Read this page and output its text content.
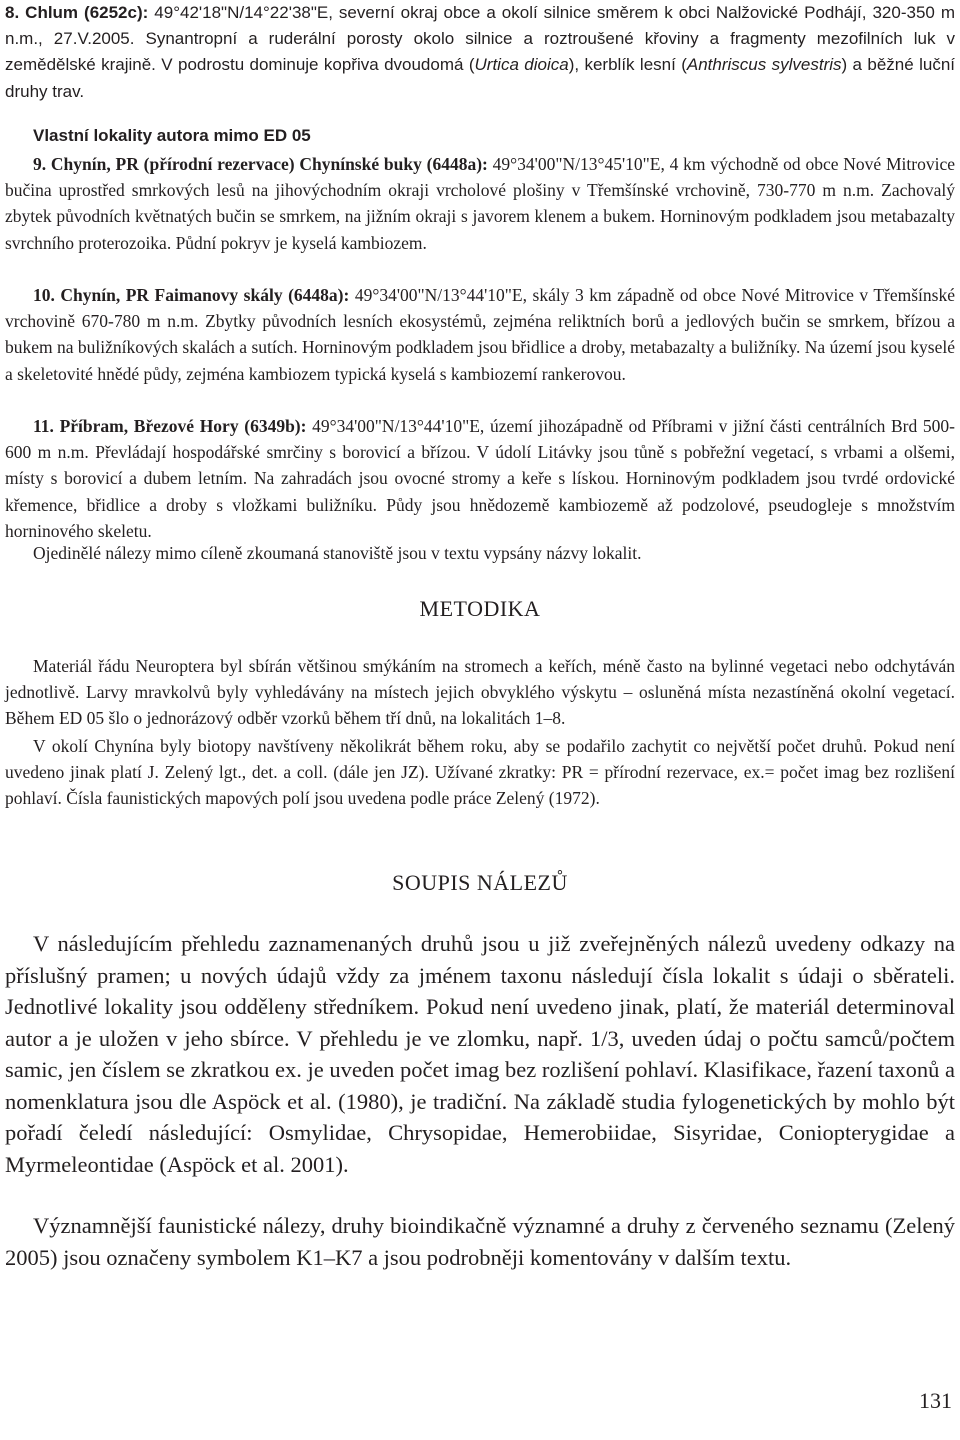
8. Chlum (6252c): 49°42'18"N/14°22'38"E, severní okraj obce a okolí silnice směrem k obci Nalžovické Podhájí, 320-350 m n.m., 27.V.2005. Synantropní a ruderální porosty okolo silnice a roztroušené křoviny a fragmenty mezofilních luk v zemědělské krajině. V podrostu dominuje kopřiva dvoudomá (Urtica dioica), kerblík lesní (Anthriscus sylvestris) a běžné luční druhy trav.

Vlastní lokality autora mimo ED 05

9. Chynín, PR (přírodní rezervace) Chynínské buky (6448a): 49°34'00"N/13°45'10"E, 4 km východně od obce Nové Mitrovice bučina uprostřed smrkových lesů na jihovýchodním okraji vrcholové plošiny v Třemšínské vrchovině, 730-770 m n.m. Zachovalý zbytek původních květnatých bučin se smrkem, na jižním okraji s javorem klenem a bukem. Horninovým podkladem jsou metabazalty svrchního proterozoika. Půdní pokryv je kyselá kambiozem.

10. Chynín, PR Faimanovy skály (6448a): 49°34'00"N/13°44'10"E, skály 3 km západně od obce Nové Mitrovice v Třemšínské vrchovině 670-780 m n.m. Zbytky původních lesních ekosystémů, zejména reliktních borů a jedlových bučin se smrkem, břízou a bukem na buližníkových skalách a sutích. Horninovým podkladem jsou břidlice a droby, metabazalty a buližníky. Na území jsou kyselé a skeletovité hnědé půdy, zejména kambiozem typická kyselá s kambiozemí rankerovou.

11. Příbram, Březové Hory (6349b): 49°34'00"N/13°44'10"E, území jihozápadně od Příbrami v jižní části centrálních Brd 500-600 m n.m. Převládají hospodářské smrčiny s borovicí a břízou. V údolí Litávky jsou tůně s pobřežní vegetací, s vrbami a olšemi, místy s borovicí a dubem letním. Na zahradách jsou ovocné stromy a keře s lískou. Horninovým podkladem jsou tvrdé ordovické křemence, břidlice a droby s vložkami buližníku. Půdy jsou hnědozemě kambiozemě až podzolové, pseudogleje s množstvím horninového skeletu.

Ojedinělé nálezy mimo cíleně zkoumaná stanoviště jsou v textu vypsány názvy lokalit.

METODIKA

Materiál řádu Neuroptera byl sbírán většinou smýkáním na stromech a keřích, méně často na bylinné vegetaci nebo odchytáván jednotlivě. Larvy mravkolvů byly vyhledávány na místech jejich obvyklého výskytu – osluněná místa nezastíněná okolní vegetací. Během ED 05 šlo o jednorázový odběr vzorků během tří dnů, na lokalitách 1–8.

V okolí Chynína byly biotopy navštíveny několikrát během roku, aby se podařilo zachytit co největší počet druhů. Pokud není uvedeno jinak platí J. Zelený lgt., det. a coll. (dále jen JZ). Užívané zkratky: PR = přírodní rezervace, ex.= počet imag bez rozlišení pohlaví. Čísla faunistických mapových polí jsou uvedena podle práce Zelený (1972).

SOUPIS NÁLEZŮ

V následujícím přehledu zaznamenaných druhů jsou u již zveřejněných nálezů uvedeny odkazy na příslušný pramen; u nových údajů vždy za jménem taxonu následují čísla lokalit s údaji o sběrateli. Jednotlivé lokality jsou odděleny středníkem. Pokud není uvedeno jinak, platí, že materiál determinoval autor a je uložen v jeho sbírce. V přehledu je ve zlomku, např. 1/3, uveden údaj o počtu samců/počtem samic, jen číslem se zkratkou ex. je uveden počet imag bez rozlišení pohlaví. Klasifikace, řazení taxonů a nomenklatura jsou dle Aspöck et al. (1980), je tradiční. Na základě studia fylogenetických by mohlo být pořadí čeledí následující: Osmylidae, Chrysopidae, Hemerobiidae, Sisyridae, Coniopterygidae a Myrmeleontidae (Aspöck et al. 2001).

Významnější faunistické nálezy, druhy bioindikačně významné a druhy z červeného seznamu (Zelený 2005) jsou označeny symbolem K1–K7 a jsou podrobněji komentovány v dalším textu.

131
